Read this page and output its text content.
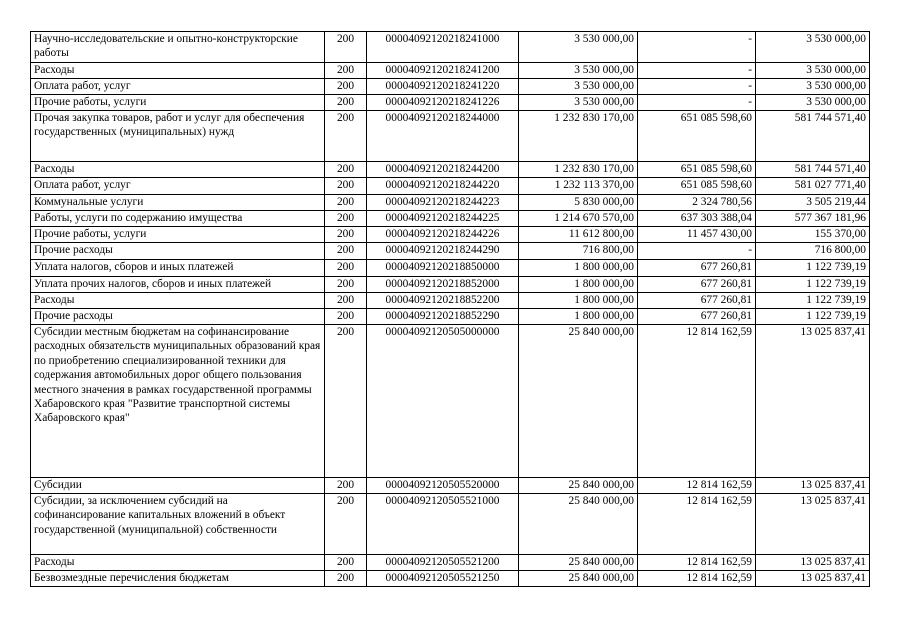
Научно-исследовательские и опытно-конструкторские работы	200	00004092120218241000	3 530 000,00	-	3 530 000,00
Расходы	200	00004092120218241200	3 530 000,00	-	3 530 000,00
Оплата работ, услуг	200	00004092120218241220	3 530 000,00	-	3 530 000,00
Прочие работы, услуги	200	00004092120218241226	3 530 000,00	-	3 530 000,00
Прочая закупка товаров, работ и услуг для обеспечения государственных (муниципальных) нужд	200	00004092120218244000	1 232 830 170,00	651 085 598,60	581 744 571,40
Расходы	200	00004092120218244200	1 232 830 170,00	651 085 598,60	581 744 571,40
Оплата работ, услуг	200	00004092120218244220	1 232 113 370,00	651 085 598,60	581 027 771,40
Коммунальные услуги	200	00004092120218244223	5 830 000,00	2 324 780,56	3 505 219,44
Работы, услуги по содержанию имущества	200	00004092120218244225	1 214 670 570,00	637 303 388,04	577 367 181,96
Прочие работы, услуги	200	00004092120218244226	11 612 800,00	11 457 430,00	155 370,00
Прочие расходы	200	00004092120218244290	716 800,00	-	716 800,00
Уплата налогов, сборов и иных платежей	200	00004092120218850000	1 800 000,00	677 260,81	1 122 739,19
Уплата прочих налогов, сборов и иных платежей	200	00004092120218852000	1 800 000,00	677 260,81	1 122 739,19
Расходы	200	00004092120218852200	1 800 000,00	677 260,81	1 122 739,19
Прочие расходы	200	00004092120218852290	1 800 000,00	677 260,81	1 122 739,19
Субсидии местным бюджетам на софинансирование расходных обязательств муниципальных образований края по приобретению специализированной техники для содержания автомобильных дорог общего пользования местного значения в рамках государственной программы Хабаровского края "Развитие транспортной системы Хабаровского края"	200	00004092120505000000	25 840 000,00	12 814 162,59	13 025 837,41
Субсидии	200	00004092120505520000	25 840 000,00	12 814 162,59	13 025 837,41
Субсидии, за исключением субсидий на софинансирование капитальных вложений в объект государственной (муниципальной) собственности	200	00004092120505521000	25 840 000,00	12 814 162,59	13 025 837,41
Расходы	200	00004092120505521200	25 840 000,00	12 814 162,59	13 025 837,41
Безвозмездные перечисления бюджетам	200	00004092120505521250	25 840 000,00	12 814 162,59	13 025 837,41
